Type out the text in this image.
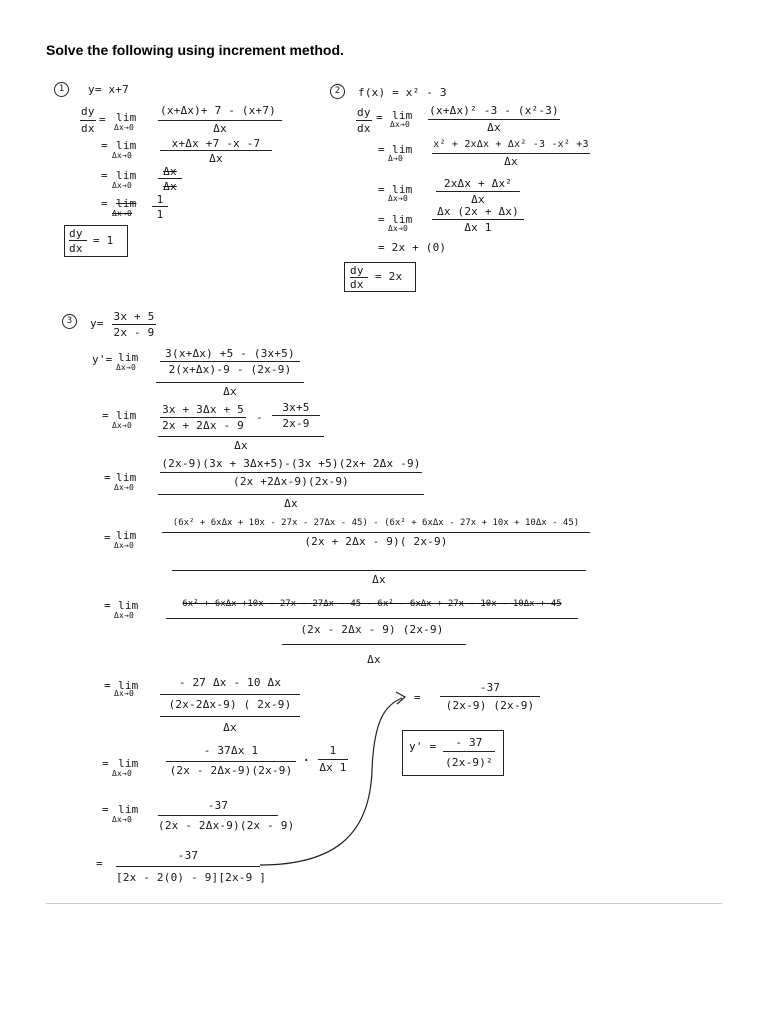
Solve the following using increment method.
1	y= x+7
dy
dx
= lim
Δx→0
(x+Δx)+ 7 - (x+7)
Δx
= lim
Δx→0
x+Δx +7 -x -7
Δx
= lim
Δx→0
Δx
Δx
= lim
Δx→0
1
1
dy
dx
= 1
2	f(x) = x² - 3
dy
dx
= lim
Δx→0
(x+Δx)² -3 - (x²-3)
Δx
= lim
Δ→0
x² + 2xΔx + Δx² -3 -x² +3
Δx
= lim
Δx→0
2xΔx + Δx²
Δx
= lim
Δx→0
Δx (2x + Δx)
Δx 1
= 2x + (0)
dy
dx
= 2x
3	y=
3x + 5
2x - 9
y'= lim
Δx→0
3(x+Δx) +5 - (3x+5)
2(x+Δx)-9 - (2x-9)
Δx
= lim
Δx→0
3x + 3Δx + 5
2x + 2Δx - 9
-
3x+5
2x-9
Δx
= lim
Δx→0
(2x-9)(3x + 3Δx+5)-(3x +5)(2x+ 2Δx -9)
(2x +2Δx-9)(2x-9)
Δx
= lim
Δx→0
(6x² + 6xΔx + 10x - 27x - 27Δx - 45) - (6x² + 6xΔx - 27x + 10x + 10Δx - 45)
(2x + 2Δx - 9)( 2x-9)
Δx
= lim
Δx→0
6x² + 6xΔx +10x - 27x - 27Δx - 45 - 6x² - 6xΔx + 27x - 10x - 10Δx + 45
(2x - 2Δx - 9) (2x-9)
Δx
= lim
Δx→0
- 27 Δx - 10 Δx
(2x-2Δx-9) ( 2x-9)
Δx
= lim
Δx→0
- 37Δx 1
(2x - 2Δx-9)(2x-9)
·
1
Δx 1
= lim
Δx→0
-37
(2x - 2Δx-9)(2x - 9)
=
-37
[2x - 2(0) - 9][2x-9 ]
=
-37
(2x-9) (2x-9)
y' =	- 37
(2x-9)²
